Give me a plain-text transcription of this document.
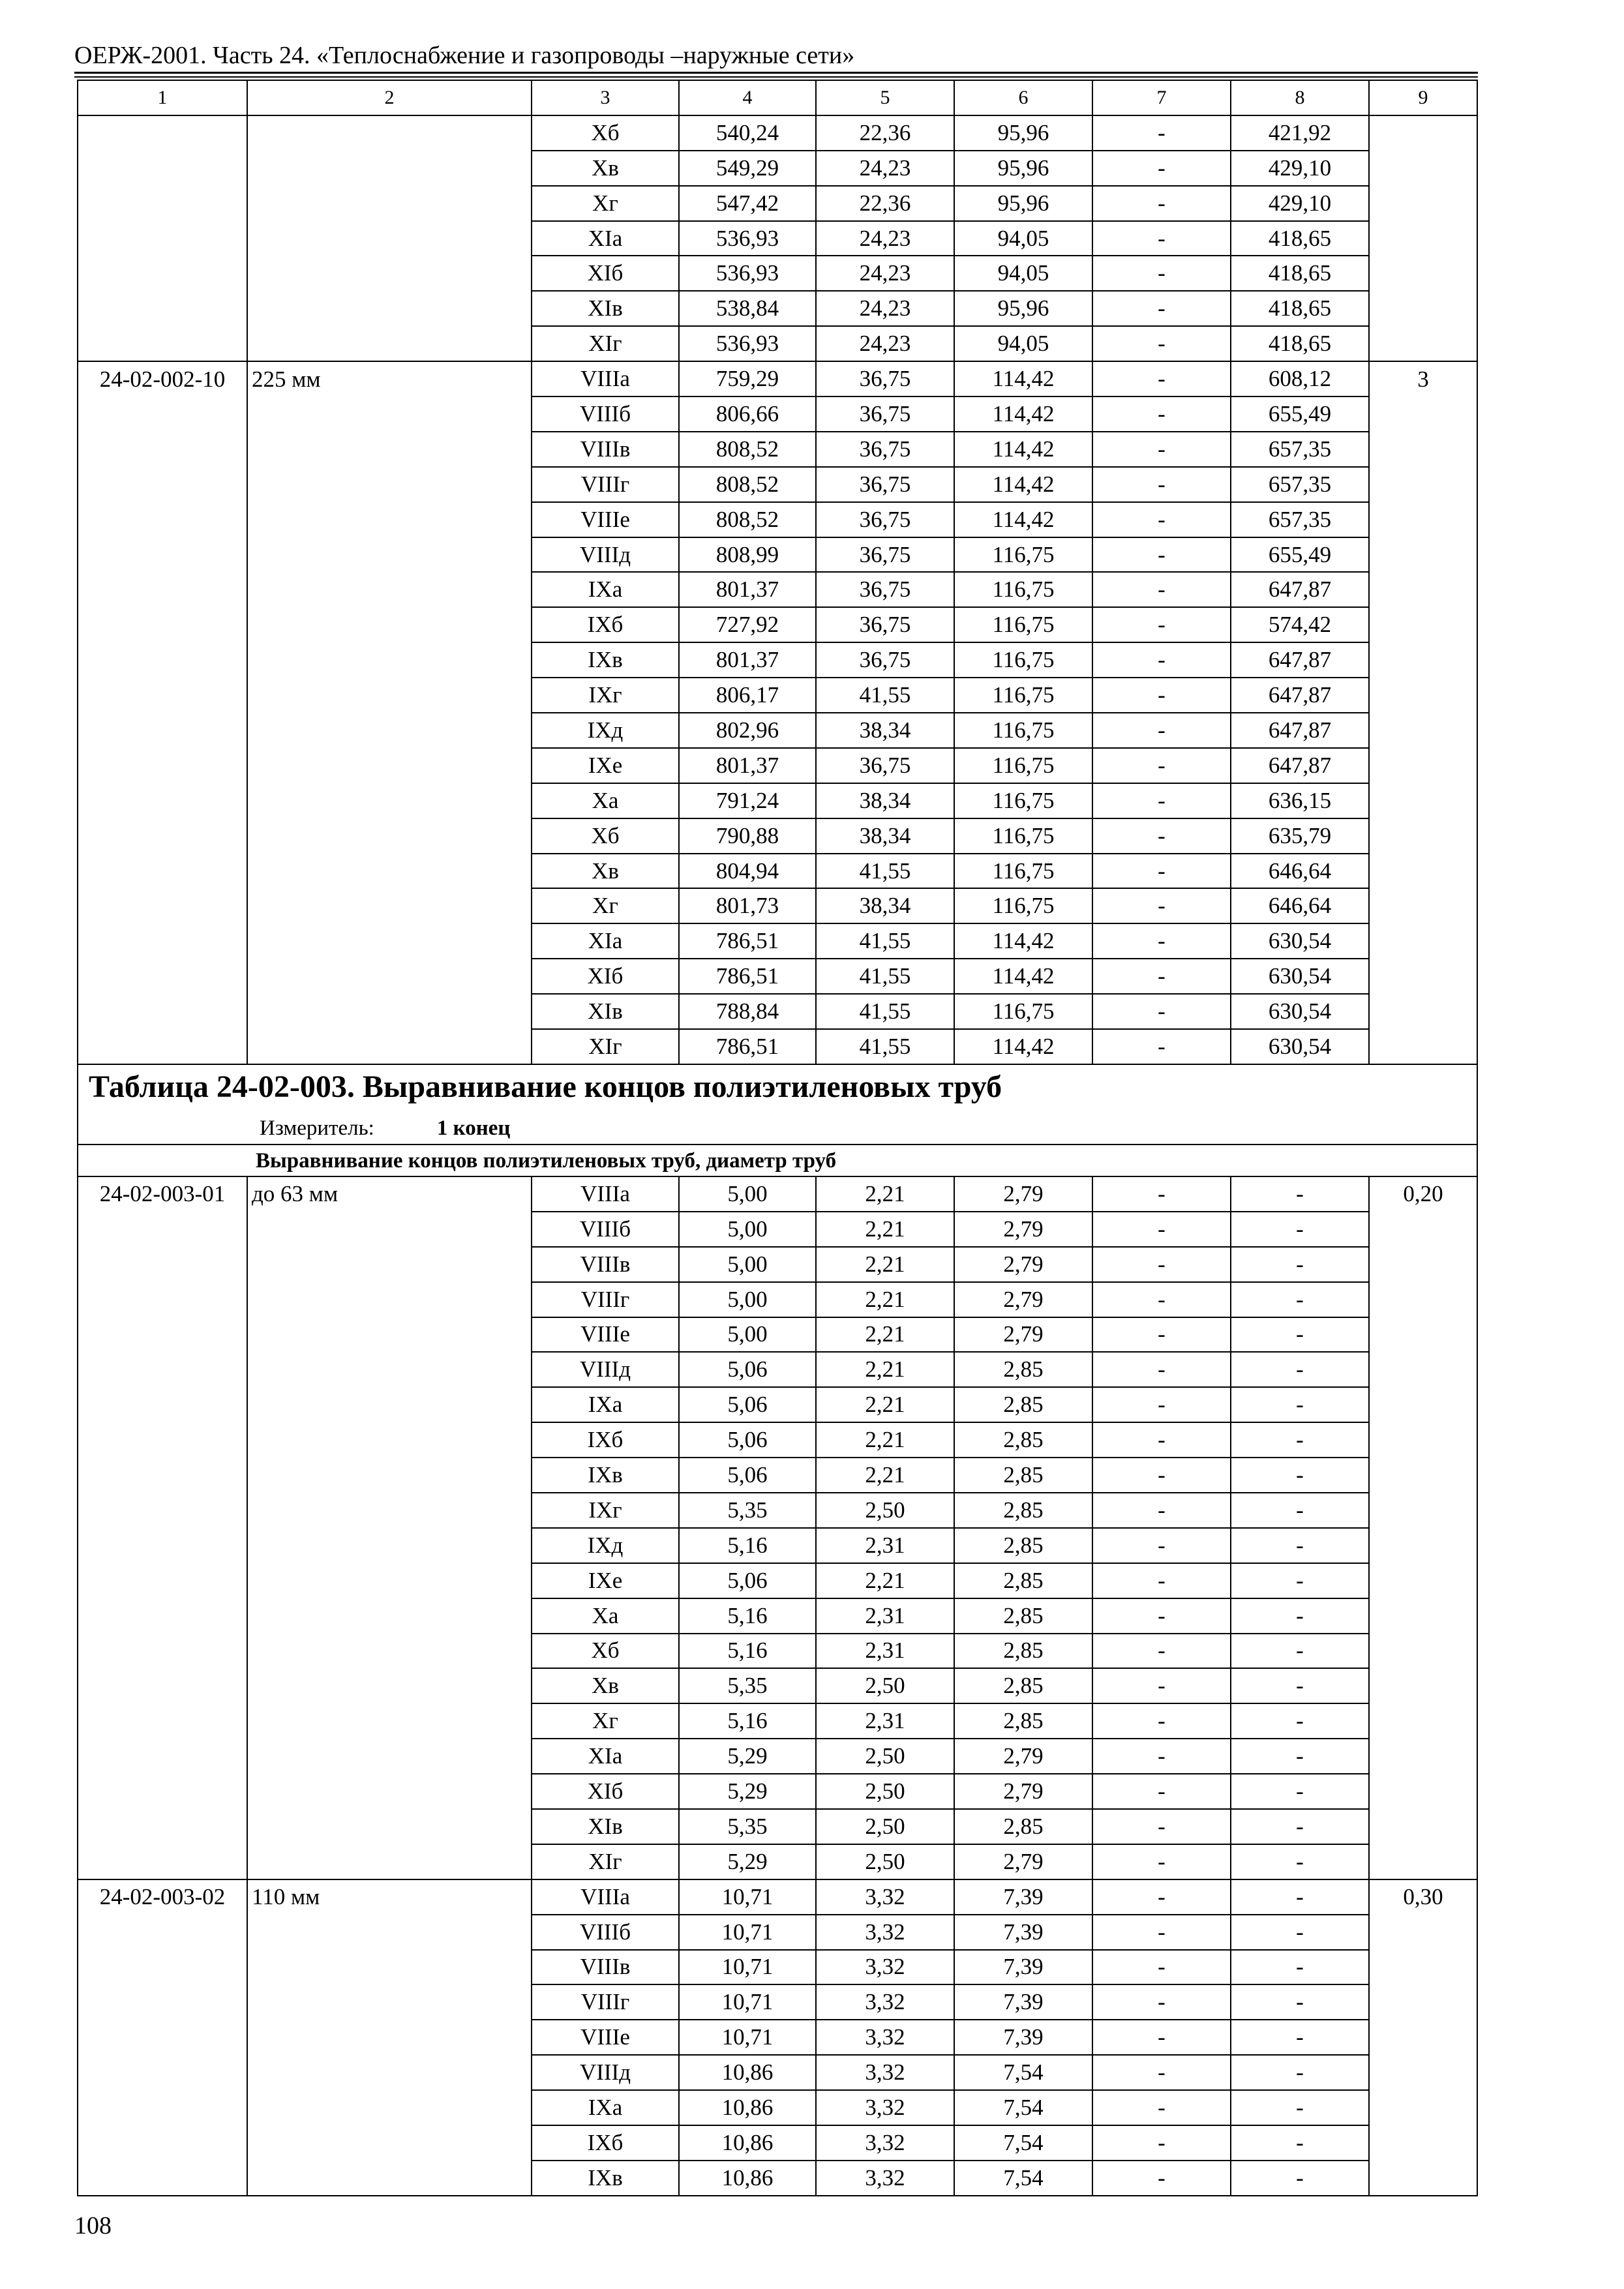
ОЕРЖ-2001. Часть 24. «Теплоснабжение и газопроводы –наружные сети»
1	2	3	4	5	6	7	8	9
		Xб	540,24	22,36	95,96	-	421,92	
		Xв	549,29	24,23	95,96	-	429,10	
		Xг	547,42	22,36	95,96	-	429,10	
		XIа	536,93	24,23	94,05	-	418,65	
		XIб	536,93	24,23	94,05	-	418,65	
		XIв	538,84	24,23	95,96	-	418,65	
		XIг	536,93	24,23	94,05	-	418,65	
24-02-002-10	225 мм	VIIIа	759,29	36,75	114,42	-	608,12	3
		VIIIб	806,66	36,75	114,42	-	655,49	
		VIIIв	808,52	36,75	114,42	-	657,35	
		VIIIг	808,52	36,75	114,42	-	657,35	
		VIIIе	808,52	36,75	114,42	-	657,35	
		VIIIд	808,99	36,75	116,75	-	655,49	
		IXа	801,37	36,75	116,75	-	647,87	
		IXб	727,92	36,75	116,75	-	574,42	
		IXв	801,37	36,75	116,75	-	647,87	
		IXг	806,17	41,55	116,75	-	647,87	
		IXд	802,96	38,34	116,75	-	647,87	
		IXе	801,37	36,75	116,75	-	647,87	
		Xа	791,24	38,34	116,75	-	636,15	
		Xб	790,88	38,34	116,75	-	635,79	
		Xв	804,94	41,55	116,75	-	646,64	
		Xг	801,73	38,34	116,75	-	646,64	
		XIа	786,51	41,55	114,42	-	630,54	
		XIб	786,51	41,55	114,42	-	630,54	
		XIв	788,84	41,55	116,75	-	630,54	
		XIг	786,51	41,55	114,42	-	630,54	
Таблица 24-02-003. Выравнивание концов полиэтиленовых труб								
Измеритель: 1 конец								
Выравнивание концов полиэтиленовых труб, диаметр труб								
24-02-003-01	до 63 мм	VIIIа	5,00	2,21	2,79	-	-	0,20
		VIIIб	5,00	2,21	2,79	-	-	
		VIIIв	5,00	2,21	2,79	-	-	
		VIIIг	5,00	2,21	2,79	-	-	
		VIIIе	5,00	2,21	2,79	-	-	
		VIIIд	5,06	2,21	2,85	-	-	
		IXа	5,06	2,21	2,85	-	-	
		IXб	5,06	2,21	2,85	-	-	
		IXв	5,06	2,21	2,85	-	-	
		IXг	5,35	2,50	2,85	-	-	
		IXд	5,16	2,31	2,85	-	-	
		IXе	5,06	2,21	2,85	-	-	
		Xа	5,16	2,31	2,85	-	-	
		Xб	5,16	2,31	2,85	-	-	
		Xв	5,35	2,50	2,85	-	-	
		Xг	5,16	2,31	2,85	-	-	
		XIа	5,29	2,50	2,79	-	-	
		XIб	5,29	2,50	2,79	-	-	
		XIв	5,35	2,50	2,85	-	-	
		XIг	5,29	2,50	2,79	-	-	
24-02-003-02	110 мм	VIIIа	10,71	3,32	7,39	-	-	0,30
		VIIIб	10,71	3,32	7,39	-	-	
		VIIIв	10,71	3,32	7,39	-	-	
		VIIIг	10,71	3,32	7,39	-	-	
		VIIIе	10,71	3,32	7,39	-	-	
		VIIIд	10,86	3,32	7,54	-	-	
		IXа	10,86	3,32	7,54	-	-	
		IXб	10,86	3,32	7,54	-	-	
		IXв	10,86	3,32	7,54	-	-	
108
